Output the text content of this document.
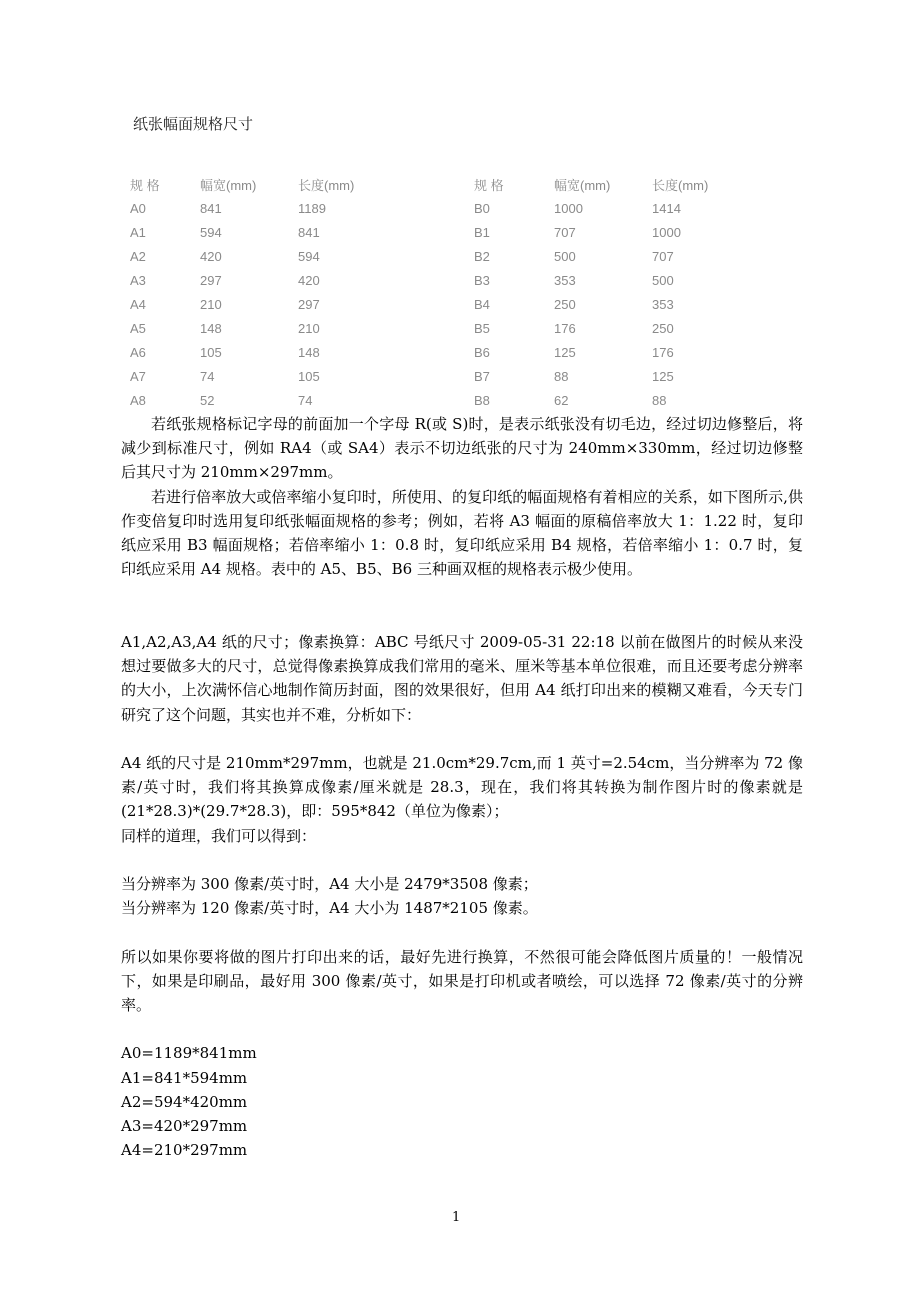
纸张幅面规格尺寸
规 格	幅宽(mm)	长度(mm)	规 格	幅宽(mm)	长度(mm)
A0	841	1189	B0	1000	1414
A1	594	841	B1	707	1000
A2	420	594	B2	500	707
A3	297	420	B3	353	500
A4	210	297	B4	250	353
A5	148	210	B5	176	250
A6	105	148	B6	125	176
A7	74	105	B7	88	125
A8	52	74	B8	62	88

若纸张规格标记字母的前面加一个字母 R(或 S)时，是表示纸张没有切毛边，经过切边修整后，将减少到标准尺寸，例如 RA4（或 SA4）表示不切边纸张的尺寸为 240mm×330mm，经过切边修整后其尺寸为 210mm×297mm。

若进行倍率放大或倍率缩小复印时，所使用、的复印纸的幅面规格有着相应的关系，如下图所示,供作变倍复印时选用复印纸张幅面规格的参考；例如，若将 A3 幅面的原稿倍率放大 1：1.22 时，复印纸应采用 B3 幅面规格；若倍率缩小 1：0.8 时，复印纸应采用 B4 规格，若倍率缩小 1：0.7 时，复印纸应采用 A4 规格。表中的 A5、B5、B6 三种画双框的规格表示极少使用。

A1,A2,A3,A4 纸的尺寸；像素换算：ABC 号纸尺寸 2009-05-31 22:18 以前在做图片的时候从来没想过要做多大的尺寸，总觉得像素换算成我们常用的毫米、厘米等基本单位很难，而且还要考虑分辨率的大小，上次满怀信心地制作简历封面，图的效果很好，但用 A4 纸打印出来的模糊又难看，今天专门研究了这个问题，其实也并不难，分析如下：

A4 纸的尺寸是 210mm*297mm，也就是 21.0cm*29.7cm,而 1 英寸=2.54cm，当分辨率为 72 像素/英寸时，我们将其换算成像素/厘米就是 28.3，现在，我们将其转换为制作图片时的像素就是(21*28.3)*(29.7*28.3)，即：595*842（单位为像素）；

同样的道理，我们可以得到：

当分辨率为 300 像素/英寸时，A4 大小是 2479*3508 像素；

当分辨率为 120 像素/英寸时，A4 大小为 1487*2105 像素。

所以如果你要将做的图片打印出来的话，最好先进行换算，不然很可能会降低图片质量的！一般情况下，如果是印刷品，最好用 300 像素/英寸，如果是打印机或者喷绘，可以选择 72 像素/英寸的分辨率。

A0=1189*841mm

A1=841*594mm

A2=594*420mm

A3=420*297mm

A4=210*297mm

1
